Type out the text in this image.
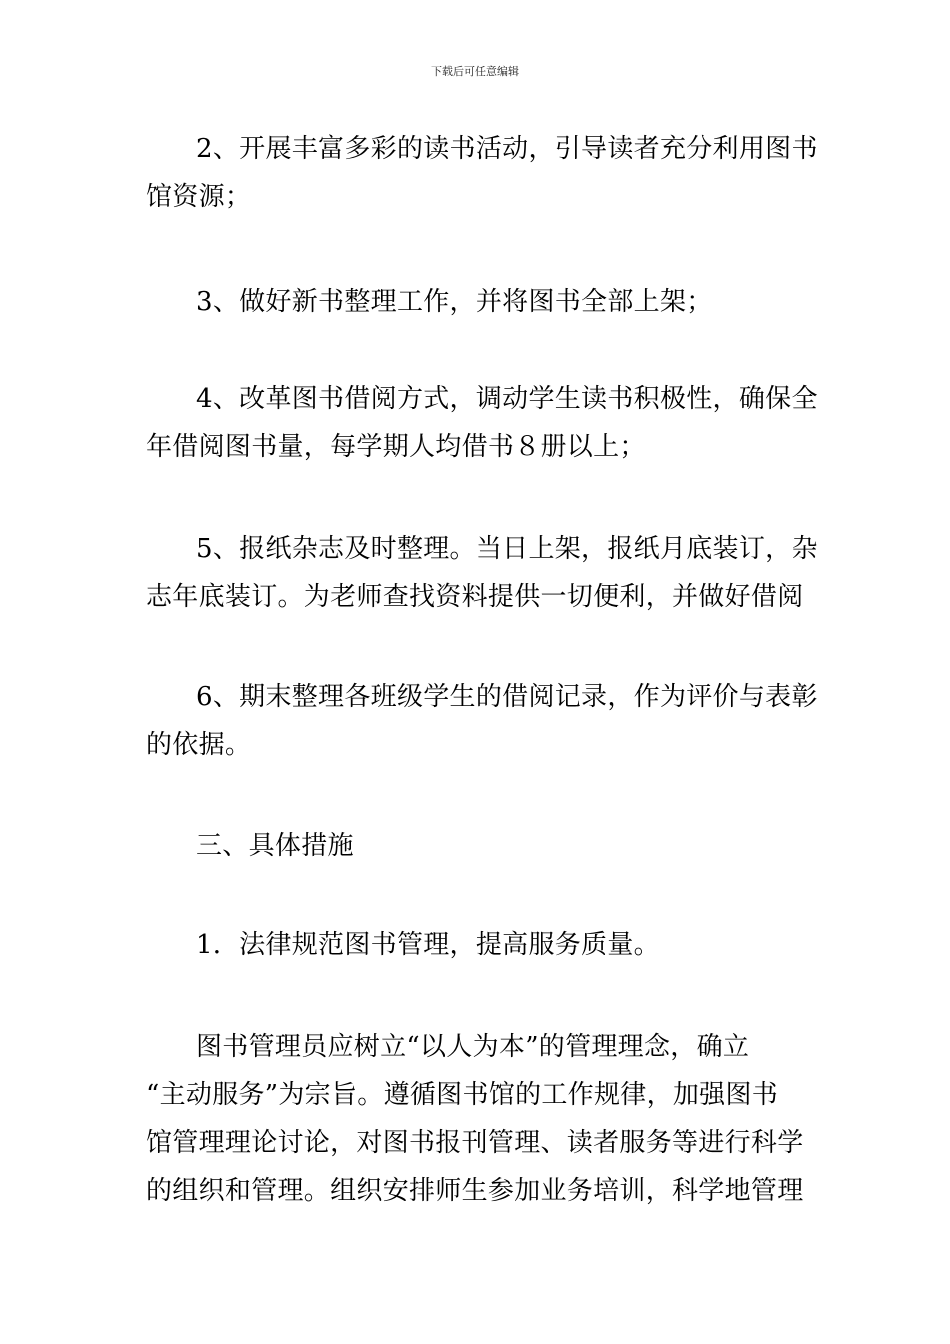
下载后可任意编辑
2、开展丰富多彩的读书活动，引导读者充分利用图书
馆资源；
3、做好新书整理工作，并将图书全部上架；
4、改革图书借阅方式，调动学生读书积极性，确保全
年借阅图书量，每学期人均借书８册以上；
5、报纸杂志及时整理。当日上架，报纸月底装订，杂
志年底装订。为老师查找资料提供一切便利，并做好借阅
6、期末整理各班级学生的借阅记录，作为评价与表彰
的依据。
三、具体措施
1．法律规范图书管理，提高服务质量。
图书管理员应树立“以人为本”的管理理念，确立
“主动服务”为宗旨。遵循图书馆的工作规律，加强图书
馆管理理论讨论，对图书报刊管理、读者服务等进行科学
的组织和管理。组织安排师生参加业务培训，科学地管理
